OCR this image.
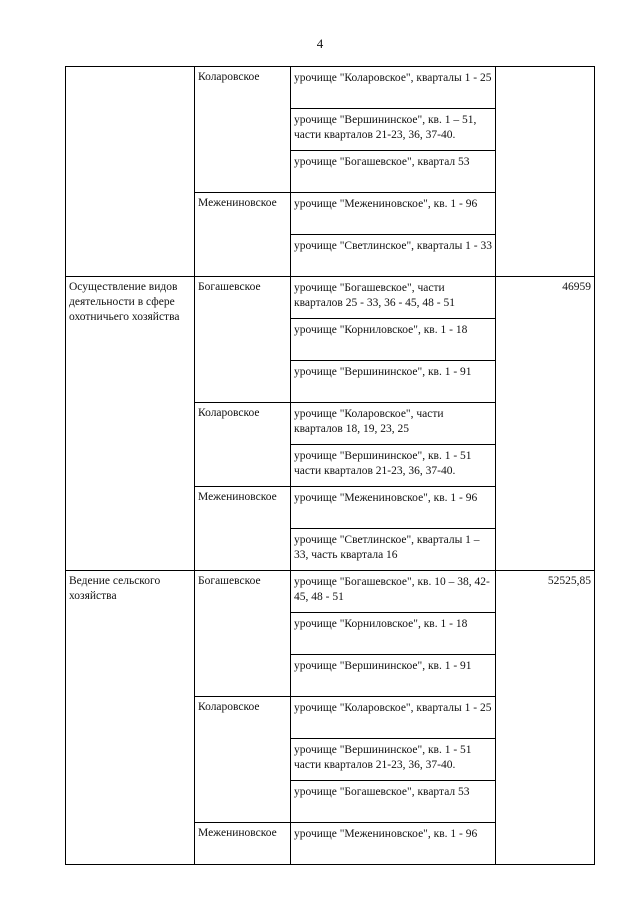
4
	Коларовское	урочище "Коларовское", кварталы 1 - 25	
		урочище "Вершининское", кв. 1 – 51, части кварталов 21-23, 36, 37-40.	
		урочище "Богашевское", квартал 53	
	Межениновское	урочище "Межениновское", кв. 1 - 96	
		урочище "Светлинское", кварталы 1 - 33	
Осуществление видов деятельности в сфере охотничьего хозяйства	Богашевское	урочище "Богашевское", части кварталов 25 - 33, 36 - 45, 48 - 51	46959
		урочище "Корниловское", кв. 1 - 18	
		урочище "Вершининское", кв. 1 - 91	
	Коларовское	урочище "Коларовское", части кварталов 18, 19, 23, 25	
		урочище "Вершининское", кв. 1 - 51 части кварталов 21-23, 36, 37-40.	
	Межениновское	урочище "Межениновское", кв. 1 - 96	
		урочище "Светлинское", кварталы 1 – 33, часть квартала 16	
Ведение сельского хозяйства	Богашевское	урочище "Богашевское", кв. 10 – 38, 42-45, 48 - 51	52525,85
		урочище "Корниловское", кв. 1 - 18	
		урочище "Вершининское", кв. 1 - 91	
	Коларовское	урочище "Коларовское", кварталы 1 - 25	
		урочище "Вершининское", кв. 1 - 51 части кварталов 21-23, 36, 37-40.	
		урочище "Богашевское", квартал 53	
	Межениновское	урочище "Межениновское", кв. 1 - 96	
